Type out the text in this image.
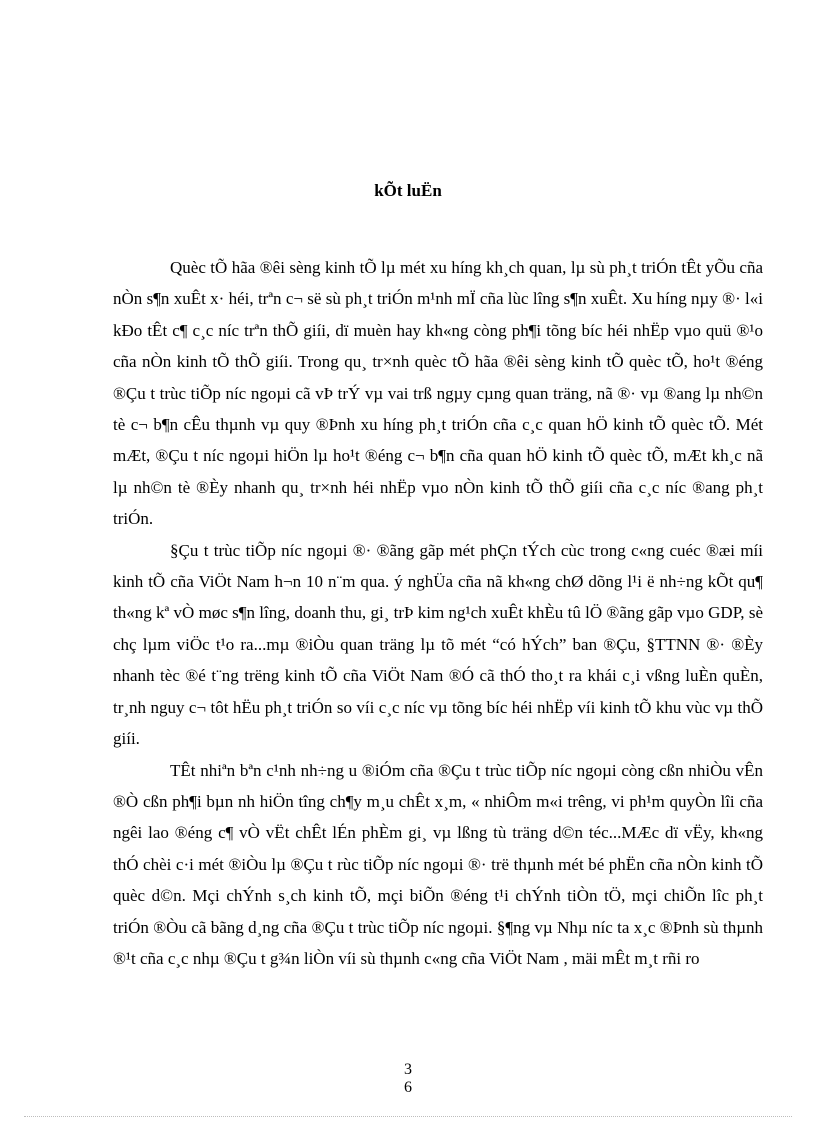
kÕt luËn

Quèc tÕ hãa ®êi sèng kinh tÕ lµ mét xu híng kh¸ch quan, lµ sù ph¸t triÓn tÊt yÕu cña nÒn s¶n xuÊt x· héi, trªn c¬ së sù ph¸t triÓn m¹nh mÏ cña lùc lîng s¶n xuÊt. Xu híng nµy ®· l«i kÐo tÊt c¶ c¸c níc trªn thÕ giíi, dï muèn hay kh«ng còng ph¶i tõng bíc héi nhËp vµo quü ®¹o cña nÒn kinh tÕ thÕ giíi. Trong qu¸ tr×nh quèc tÕ hãa ®êi sèng kinh tÕ quèc tÕ, ho¹t ®éng ®Çu t trùc tiÕp níc ngoµi cã vÞ trÝ vµ vai trß ngµy cµng quan träng, nã ®· vµ ®ang lµ nh©n tè c¬ b¶n cÊu thµnh vµ quy ®Þnh xu híng ph¸t triÓn cña c¸c quan hÖ kinh tÕ quèc tÕ. Mét mÆt, ®Çu t níc ngoµi hiÖn lµ ho¹t ®éng c¬ b¶n cña quan hÖ kinh tÕ quèc tÕ, mÆt kh¸c nã lµ nh©n tè ®Èy nhanh qu¸ tr×nh héi nhËp vµo nÒn kinh tÕ thÕ giíi cña c¸c níc ®ang ph¸t triÓn.

§Çu t trùc tiÕp níc ngoµi ®· ®ãng gãp mét phÇn tÝch cùc trong c«ng cuéc ®æi míi kinh tÕ cña ViÖt Nam h¬n 10 n¨m qua. ý nghÜa cña nã kh«ng chØ dõng l¹i ë nh÷ng kÕt qu¶ th«ng kª vÒ møc s¶n lîng, doanh thu, gi¸ trÞ kim ng¹ch xuÊt khÈu tû lÖ ®ãng gãp vµo GDP, sè chç lµm viÖc t¹o ra...mµ ®iÒu quan träng lµ tõ mét “có hÝch” ban ®Çu, §TTNN ®· ®Èy nhanh tèc ®é t¨ng trëng kinh tÕ cña ViÖt Nam ®Ó cã thÓ tho¸t ra khái c¸i vßng luÈn quÈn, tr¸nh nguy c¬ tôt hËu ph¸t triÓn so víi c¸c níc vµ tõng bíc héi nhËp víi kinh tÕ khu vùc vµ thÕ giíi.

TÊt nhiªn bªn c¹nh nh÷ng u ®iÓm cña ®Çu t trùc tiÕp níc ngoµi còng cßn nhiÒu vÊn ®Ò cßn ph¶i bµn nh hiÖn tîng ch¶y m¸u chÊt x¸m, « nhiÔm m«i trêng, vi ph¹m quyÒn lîi cña ngêi lao ®éng c¶ vÒ vËt chÊt lÉn phÈm gi¸ vµ lßng tù träng d©n téc...MÆc dï vËy, kh«ng thÓ chèi c·i mét ®iÒu lµ ®Çu t rùc tiÕp níc ngoµi ®· trë thµnh mét bé phËn cña nÒn kinh tÕ quèc d©n. Mçi chÝnh s¸ch kinh tÕ, mçi biÕn ®éng t¹i chÝnh tiÒn tÖ, mçi chiÕn lîc ph¸t triÓn ®Òu cã bãng d¸ng cña ®Çu t trùc tiÕp níc ngoµi. §¶ng vµ Nhµ níc ta x¸c ®Þnh sù thµnh ®¹t cña c¸c nhµ ®Çu t g¾n liÒn víi sù thµnh c«ng cña ViÖt Nam , mäi mÊt m¸t rñi ro

3
6
